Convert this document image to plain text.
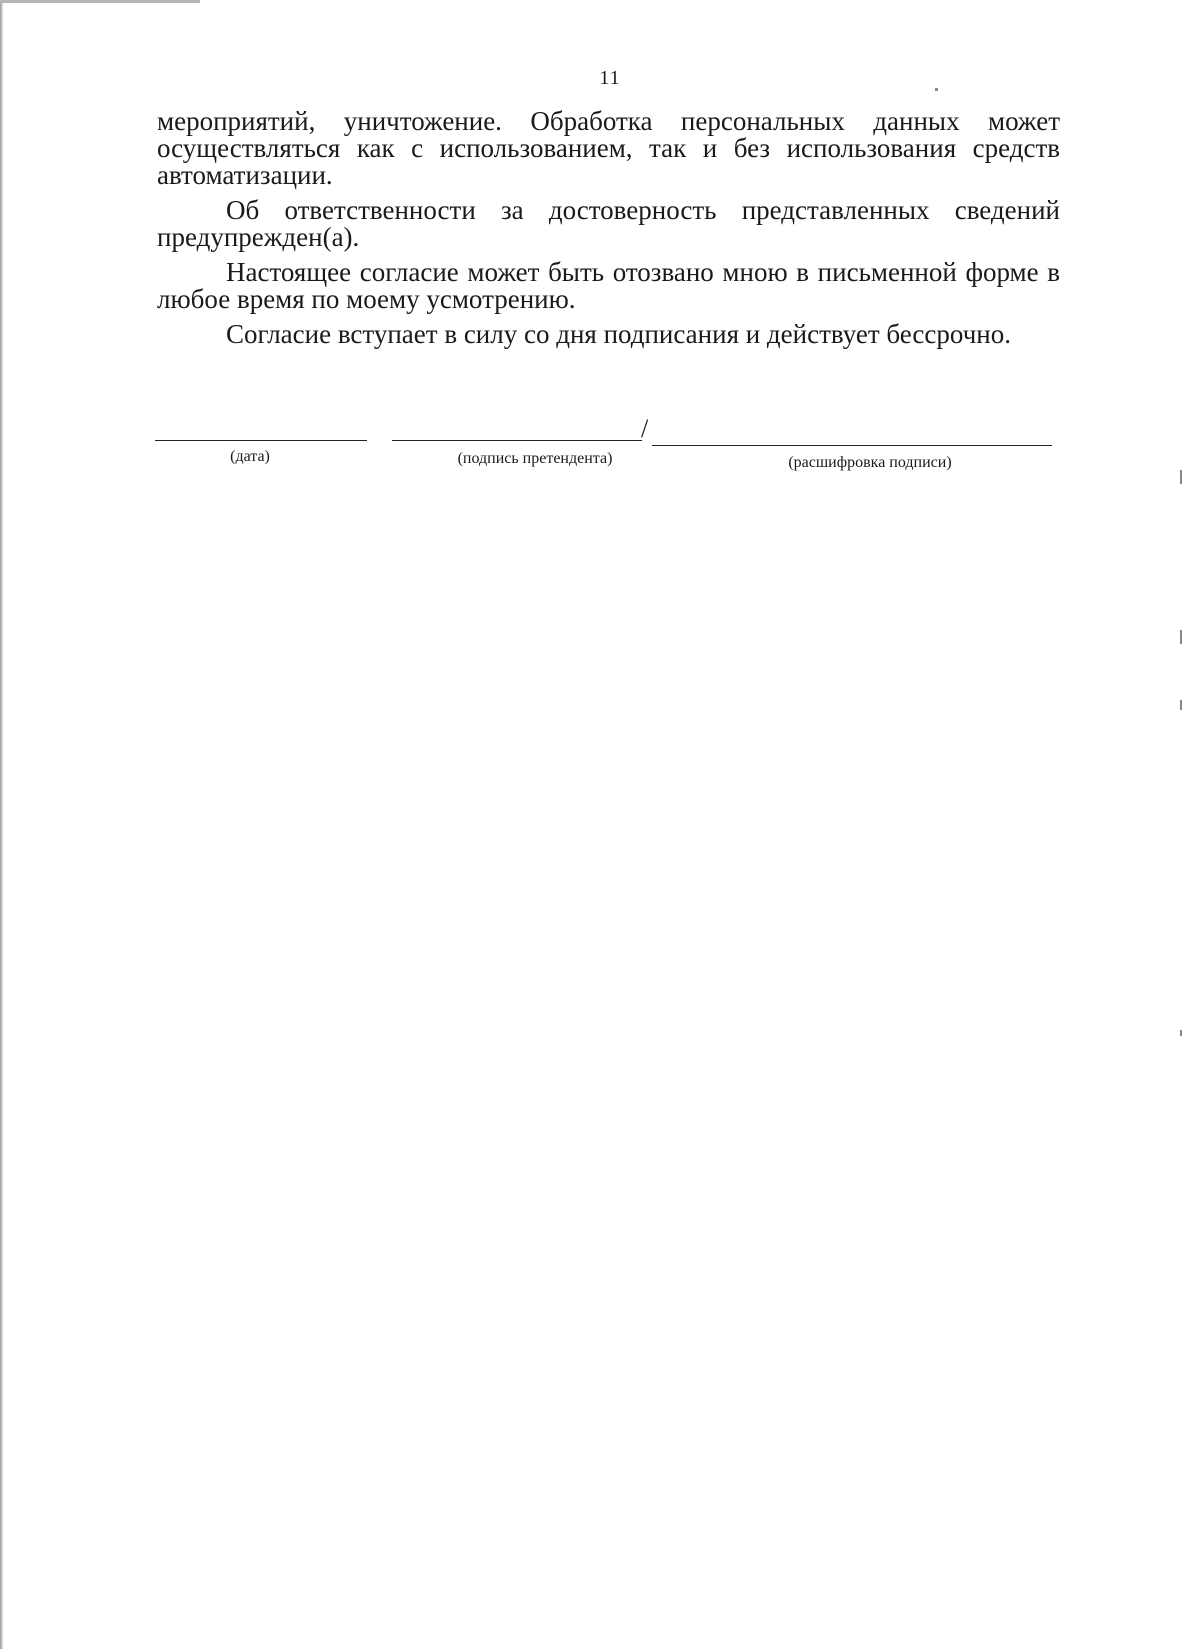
11

мероприятий, уничтожение. Обработка персональных данных может осуществляться как с использованием, так и без использования средств автоматизации.

Об ответственности за достоверность представленных сведений предупрежден(а).

Настоящее согласие может быть отозвано мною в письменной форме в любое время по моему усмотрению.

Согласие вступает в силу со дня подписания и действует бессрочно.

/
(дата)	(подпись претендента)	(расшифровка подписи)
